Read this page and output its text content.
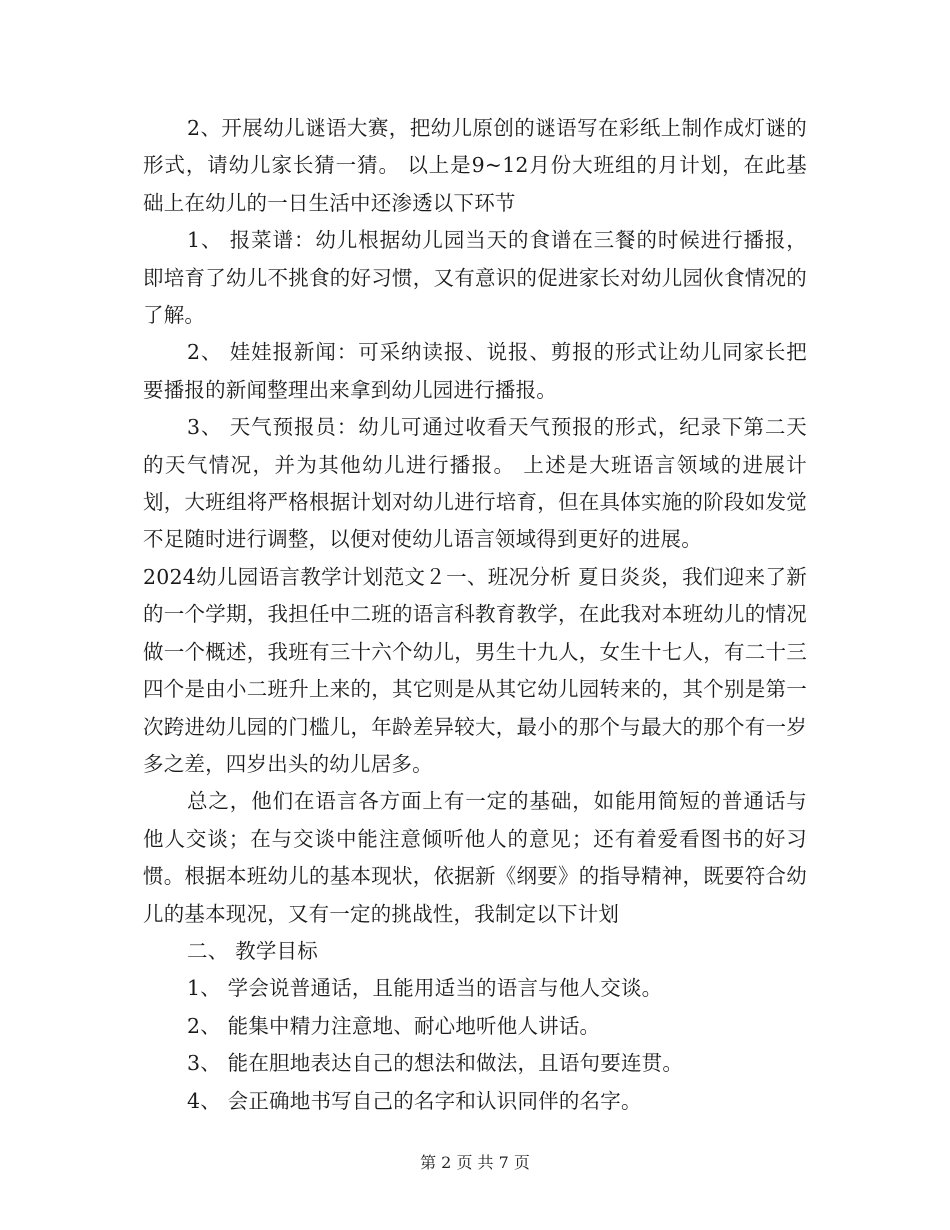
2、开展幼儿谜语大赛，把幼儿原创的谜语写在彩纸上制作成灯谜的形式，请幼儿家长猜一猜。 以上是9~12月份大班组的月计划，在此基础上在幼儿的一日生活中还渗透以下环节

1、 报菜谱：幼儿根据幼儿园当天的食谱在三餐的时候进行播报，即培育了幼儿不挑食的好习惯，又有意识的促进家长对幼儿园伙食情况的了解。

2、 娃娃报新闻：可采纳读报、说报、剪报的形式让幼儿同家长把要播报的新闻整理出来拿到幼儿园进行播报。

3、 天气预报员：幼儿可通过收看天气预报的形式，纪录下第二天的天气情况，并为其他幼儿进行播报。 上述是大班语言领域的进展计划，大班组将严格根据计划对幼儿进行培育，但在具体实施的阶段如发觉不足随时进行调整，以便对使幼儿语言领域得到更好的进展。

2024幼儿园语言教学计划范文２一、班况分析 夏日炎炎，我们迎来了新的一个学期，我担任中二班的语言科教育教学，在此我对本班幼儿的情况做一个概述，我班有三十六个幼儿，男生十九人，女生十七人，有二十三四个是由小二班升上来的，其它则是从其它幼儿园转来的，其个别是第一次跨进幼儿园的门槛儿，年龄差异较大，最小的那个与最大的那个有一岁多之差，四岁出头的幼儿居多。

总之，他们在语言各方面上有一定的基础，如能用简短的普通话与他人交谈；在与交谈中能注意倾听他人的意见；还有着爱看图书的好习惯。根据本班幼儿的基本现状，依据新《纲要》的指导精神，既要符合幼儿的基本现况，又有一定的挑战性，我制定以下计划

二、 教学目标

1、 学会说普通话，且能用适当的语言与他人交谈。

2、 能集中精力注意地、耐心地听他人讲话。

3、 能在胆地表达自己的想法和做法，且语句要连贯。

4、 会正确地书写自己的名字和认识同伴的名字。

第 2 页 共 7 页
